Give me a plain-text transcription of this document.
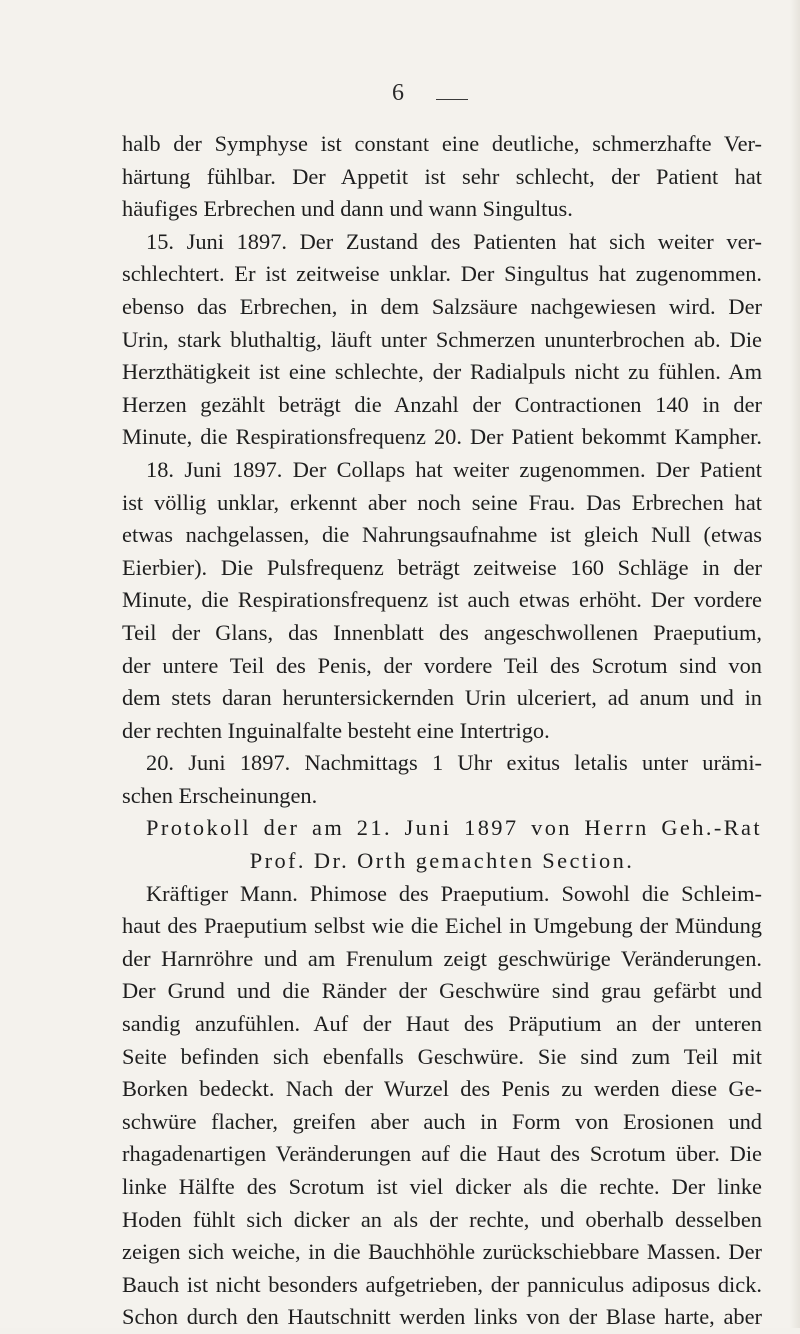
6
halb der Symphyse ist constant eine deutliche, schmerzhafte Ver-
härtung fühlbar. Der Appetit ist sehr schlecht, der Patient hat
häufiges Erbrechen und dann und wann Singultus.
15. Juni 1897. Der Zustand des Patienten hat sich weiter ver-
schlechtert. Er ist zeitweise unklar. Der Singultus hat zugenommen.
ebenso das Erbrechen, in dem Salzsäure nachgewiesen wird. Der
Urin, stark bluthaltig, läuft unter Schmerzen ununterbrochen ab. Die
Herzthätigkeit ist eine schlechte, der Radialpuls nicht zu fühlen. Am
Herzen gezählt beträgt die Anzahl der Contractionen 140 in der
Minute, die Respirationsfrequenz 20. Der Patient bekommt Kampher.
18. Juni 1897. Der Collaps hat weiter zugenommen. Der Patient
ist völlig unklar, erkennt aber noch seine Frau. Das Erbrechen hat
etwas nachgelassen, die Nahrungsaufnahme ist gleich Null (etwas
Eierbier). Die Pulsfrequenz beträgt zeitweise 160 Schläge in der
Minute, die Respirationsfrequenz ist auch etwas erhöht. Der vordere
Teil der Glans, das Innenblatt des angeschwollenen Praeputium,
der untere Teil des Penis, der vordere Teil des Scrotum sind von
dem stets daran heruntersickernden Urin ulceriert, ad anum und in
der rechten Inguinalfalte besteht eine Intertrigo.
20. Juni 1897. Nachmittags 1 Uhr exitus letalis unter urämi-
schen Erscheinungen.
Protokoll der am 21. Juni 1897 von Herrn Geh.-Rat
Prof. Dr. Orth gemachten Section.
Kräftiger Mann. Phimose des Praeputium. Sowohl die Schleim-
haut des Praeputium selbst wie die Eichel in Umgebung der Mündung
der Harnröhre und am Frenulum zeigt geschwürige Veränderungen.
Der Grund und die Ränder der Geschwüre sind grau gefärbt und
sandig anzufühlen. Auf der Haut des Präputium an der unteren
Seite befinden sich ebenfalls Geschwüre. Sie sind zum Teil mit
Borken bedeckt. Nach der Wurzel des Penis zu werden diese Ge-
schwüre flacher, greifen aber auch in Form von Erosionen und
rhagadenartigen Veränderungen auf die Haut des Scrotum über. Die
linke Hälfte des Scrotum ist viel dicker als die rechte. Der linke
Hoden fühlt sich dicker an als der rechte, und oberhalb desselben
zeigen sich weiche, in die Bauchhöhle zurückschiebbare Massen. Der
Bauch ist nicht besonders aufgetrieben, der panniculus adiposus dick.
Schon durch den Hautschnitt werden links von der Blase harte, aber
